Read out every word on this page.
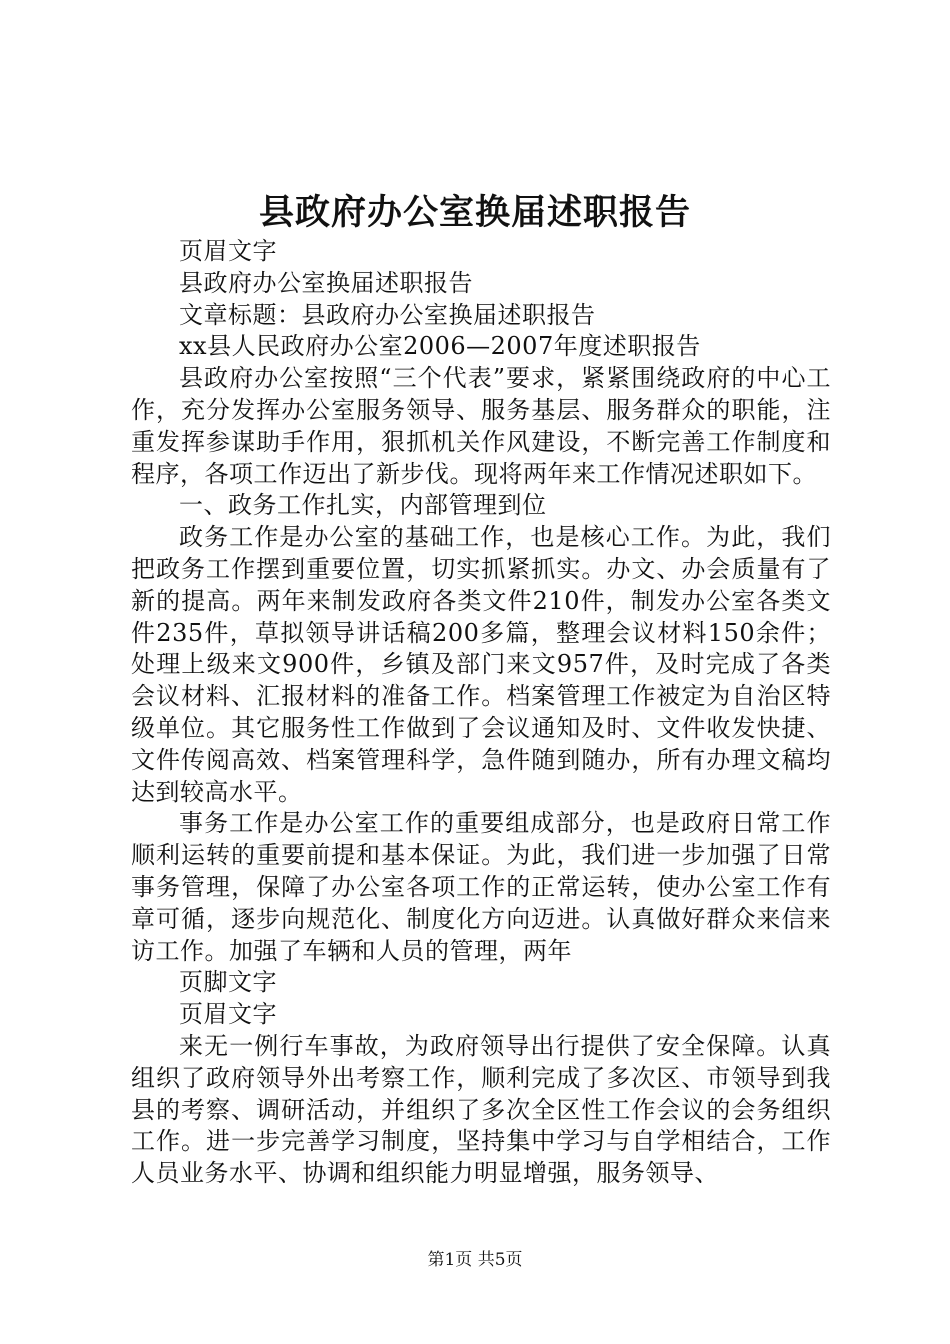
县政府办公室换届述职报告

页眉文字

县政府办公室换届述职报告

文章标题：县政府办公室换届述职报告

xx县人民政府办公室2006—2007年度述职报告

县政府办公室按照“三个代表”要求，紧紧围绕政府的中心工作，充分发挥办公室服务领导、服务基层、服务群众的职能，注重发挥参谋助手作用，狠抓机关作风建设，不断完善工作制度和程序，各项工作迈出了新步伐。现将两年来工作情况述职如下。

一、政务工作扎实，内部管理到位

政务工作是办公室的基础工作，也是核心工作。为此，我们把政务工作摆到重要位置，切实抓紧抓实。办文、办会质量有了新的提高。两年来制发政府各类文件210件，制发办公室各类文件235件，草拟领导讲话稿200多篇，整理会议材料150余件；处理上级来文900件，乡镇及部门来文957件，及时完成了各类会议材料、汇报材料的准备工作。档案管理工作被定为自治区特级单位。其它服务性工作做到了会议通知及时、文件收发快捷、文件传阅高效、档案管理科学，急件随到随办，所有办理文稿均达到较高水平。

事务工作是办公室工作的重要组成部分，也是政府日常工作顺利运转的重要前提和基本保证。为此，我们进一步加强了日常事务管理，保障了办公室各项工作的正常运转，使办公室工作有章可循，逐步向规范化、制度化方向迈进。认真做好群众来信来访工作。加强了车辆和人员的管理，两年

页脚文字

页眉文字

来无一例行车事故，为政府领导出行提供了安全保障。认真组织了政府领导外出考察工作，顺利完成了多次区、市领导到我县的考察、调研活动，并组织了多次全区性工作会议的会务组织工作。进一步完善学习制度，坚持集中学习与自学相结合，工作人员业务水平、协调和组织能力明显增强，服务领导、

第1页 共5页
